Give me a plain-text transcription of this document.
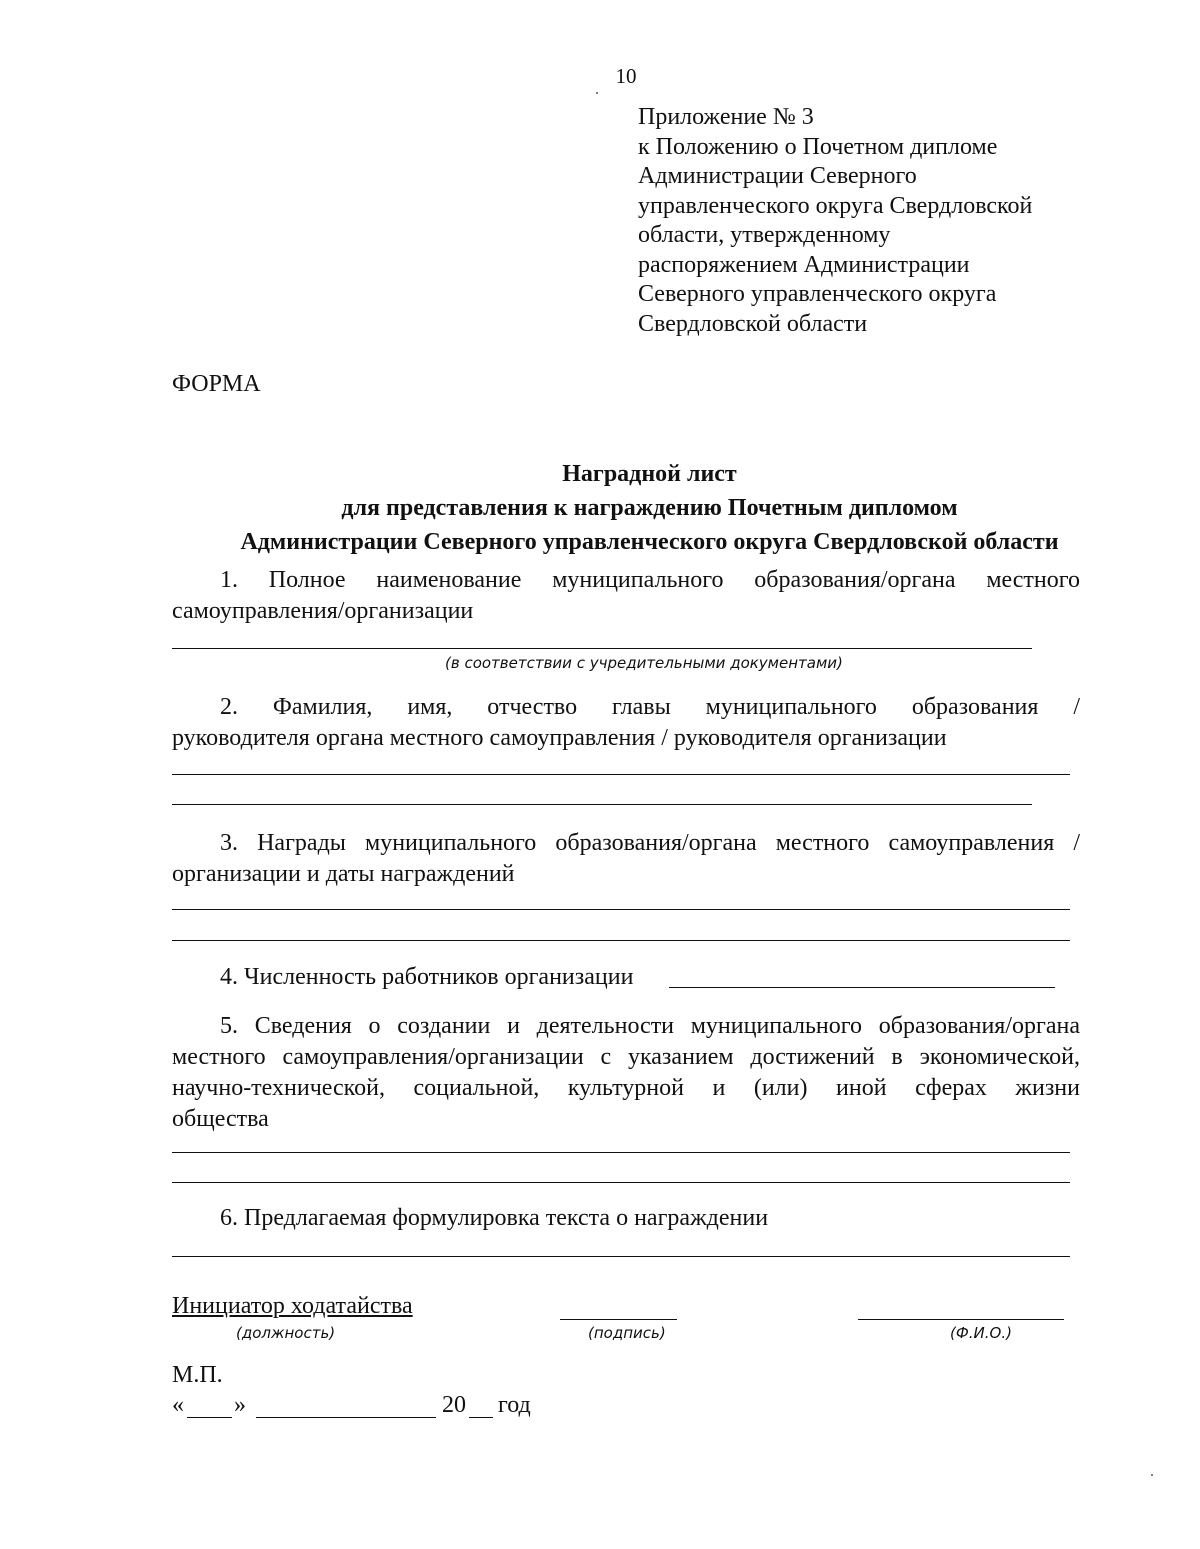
10
Приложение № 3
к Положению о Почетном дипломе
Администрации Северного
управленческого округа Свердловской
области, утвержденному
распоряжением Администрации
Северного управленческого округа
Свердловской области
ФОРМА
Наградной лист
для представления к награждению Почетным дипломом
Администрации Северного управленческого округа Свердловской области
1. Полное наименование муниципального образования/органа местного
самоуправления/организации
(в соответствии с учредительными документами)
2. Фамилия, имя, отчество главы муниципального образования /
руководителя органа местного самоуправления / руководителя организации
3. Награды муниципального образования/органа местного самоуправления /
организации и даты награждений
4. Численность работников организации
5. Сведения о создании и деятельности муниципального образования/органа
местного самоуправления/организации с указанием достижений в экономической,
научно-технической, социальной, культурной и (или) иной сферах жизни
общества
6. Предлагаемая формулировка текста о награждении
Инициатор ходатайства
(должность)	(подпись)	(Ф.И.О.)
М.П.
« »	20 год
